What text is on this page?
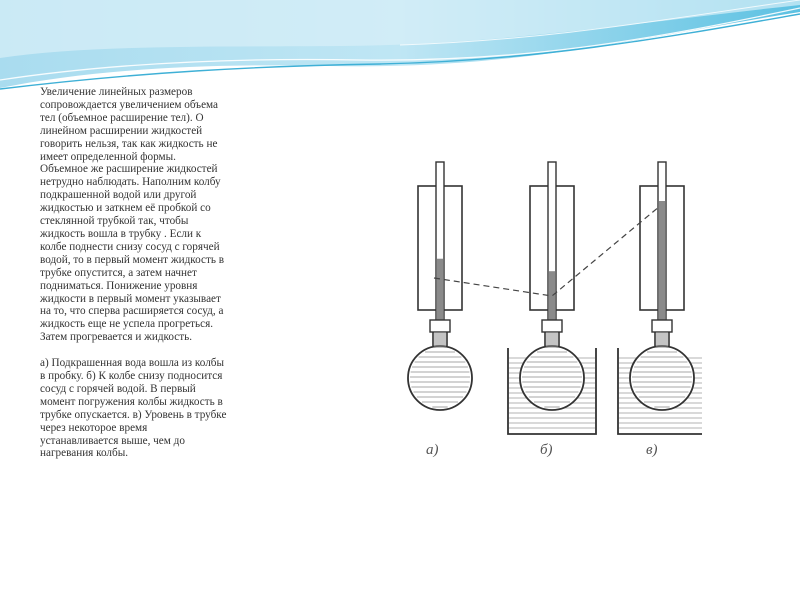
Увеличение линейных размеров
сопровождается увеличением объема
тел (объемное расширение тел). О
линейном расширении жидкостей
говорить нельзя, так как жидкость не
имеет определенной формы.
Объемное же расширение жидкостей
нетрудно наблюдать. Наполним колбу
подкрашенной водой или другой
жидкостью и заткнем её пробкой со
стеклянной трубкой так, чтобы
жидкость вошла в трубку . Если к
колбе поднести снизу сосуд с горячей
водой, то в первый момент жидкость в
трубке опустится, а затем начнет
подниматься. Понижение уровня
жидкости в первый момент указывает
на то, что сперва расширяется сосуд, а
жидкость еще не успела прогреться.
Затем прогревается и жидкость.

а) Подкрашенная вода вошла из колбы
в пробку. б) К колбе снизу подносится
сосуд с горячей водой. В первый
момент погружения колбы жидкость в
трубке опускается. в) Уровень в трубке
через некоторое время
устанавливается выше, чем до
нагревания колбы.	а)	б)	в)
